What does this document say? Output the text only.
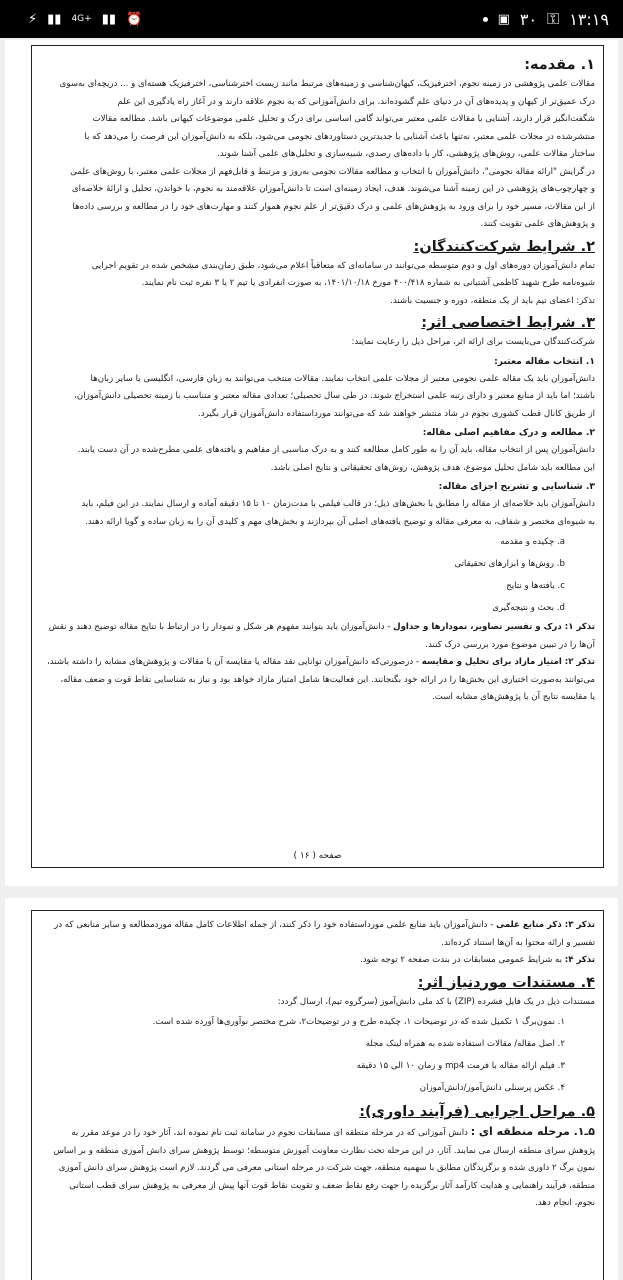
⚡ ▮▮ 4G+ ▮▮ ⏰	▣ ۳۰ ⚿ ۱۳:۱۹
۱. مقدمه:
مقالات علمی پژوهشی در زمینه نجوم، اخترفیزیک، کیهان‌شناسی و زمینه‌های مرتبط مانند زیست اخترشناسی، اخترفیزیک هسته‌ای و ... دریچه‌ای به‌سوی
درک عمیق‌تر از کیهان و پدیده‌های آن در دنیای علم گشوده‌اند. برای دانش‌آموزانی که به نجوم علاقه دارند و در آغاز راه یادگیری این علم
شگفت‌انگیز قرار دارند، آشنایی با مقالات علمی معتبر می‌تواند گامی اساسی برای درک و تحلیل علمی موضوعات کیهانی باشد. مطالعه مقالات
منتشرشده در مجلات علمی معتبر، نه‌تنها باعث آشنایی با جدیدترین دستاوردهای نجومی می‌شود، بلکه به دانش‌آموزان این فرصت را می‌دهد که با
ساختار مقالات علمی، روش‌های پژوهشی، کار با داده‌های رصدی، شبیه‌سازی و تحلیل‌های علمی آشنا شوند.
در گرایش "ارائه مقاله نجومی"، دانش‌آموزان با انتخاب و مطالعه مقالات نجومی به‌روز و مرتبط و قابل‌فهم از مجلات علمی معتبر، با روش‌های علمی
و چهارچوب‌های پژوهشی در این زمینه آشنا می‌شوند. هدف، ایجاد زمینه‌ای است تا دانش‌آموزان علاقه‌مند به نجوم، با خواندن، تحلیل و ارائهٔ خلاصه‌ای
از این مقالات، مسیر خود را برای ورود به پژوهش‌های علمی و درک دقیق‌تر از علم نجوم هموار کنند و مهارت‌های خود را در مطالعه و بررسی داده‌ها
و پژوهش‌های علمی تقویت کنند.
۲. شرایط شرکت‌کنندگان:
تمام دانش‌آموزان دوره‌های اول و دوم متوسطه می‌توانند در سامانه‌ای که متعاقباً اعلام می‌شود، طبق زمان‌بندی مشخص شده در تقویم اجرایی
شیوه‌نامه طرح شهید کاظمی آشتیانی به شماره ۴۰۰/۴۱۸ مورخ ۱۴۰۱/۱۰/۱۸، به صورت انفرادی یا تیم ۲ یا ۳ نفره ثبت نام نمایند.
تذکر: اعضای تیم باید از یک منطقه، دوره و جنسیت باشند.
۳. شرایط اختصاصی اثر:
شرکت‌کنندگان می‌بایست برای ارائه اثر، مراحل ذیل را رعایت نمایند:
۱. انتخاب مقاله معتبر:
دانش‌آموزان باید یک مقاله علمی نجومی معتبر از مجلات علمی انتخاب نمایند. مقالات منتخب می‌توانند به زبان فارسی، انگلیسی یا سایر زبان‌ها
باشند؛ اما باید از منابع معتبر و دارای رتبه علمی استخراج شوند. در طی سال تحصیلی؛ تعدادی مقاله معتبر و متناسب با زمینه تحصیلی دانش‌آموزان،
از طریق کانال قطب کشوری نجوم در شاد منتشر خواهند شد که می‌توانند مورداستفاده دانش‌آموزان قرار بگیرد.
۲. مطالعه و درک مفاهیم اصلی مقاله:
دانش‌آموزان پس از انتخاب مقاله، باید آن را به طور کامل مطالعه کنند و به درک مناسبی از مفاهیم و یافته‌های علمی مطرح‌شده در آن دست یابند.
این مطالعه باید شامل تحلیل موضوع، هدف پژوهش، روش‌های تحقیقاتی و نتایج اصلی باشد.
۳. شناسایی و تشریح اجزای مقاله:
دانش‌آموزان باید خلاصه‌ای از مقاله را مطابق با بخش‌های ذیل؛ در قالب فیلمی با مدت‌زمان ۱۰ تا ۱۵ دقیقه آماده و ارسال نمایند. در این فیلم، باید
به شیوه‌ای مختصر و شفاف، به معرفی مقاله و توضیح یافته‌های اصلی آن بپردازند و بخش‌های مهم و کلیدی آن را به زبان ساده و گویا ارائه دهند.
a. چکیده و مقدمه
b. روش‌ها و ابزارهای تحقیقاتی
c. یافته‌ها و نتایج
d. بحث و نتیجه‌گیری
تذکر ۱: درک و تفسیر تصاویر، نمودارها و جداول - دانش‌آموزان باید بتوانند مفهوم هر شکل و نمودار را در ارتباط با نتایج مقاله توضیح دهند و نقش
آن‌ها را در تبیین موضوع مورد بررسی درک کنند.
تذکر ۲: امتیاز مازاد برای تحلیل و مقایسه - درصورتی‌که دانش‌آموزان توانایی نقد مقاله یا مقایسه آن با مقالات و پژوهش‌های مشابه را داشته باشند،
می‌توانند به‌صورت اختیاری این بخش‌ها را در ارائه خود بگنجانند. این فعالیت‌ها شامل امتیاز مازاد خواهد بود و نیاز به شناسایی نقاط قوت و ضعف مقاله،
یا مقایسه نتایج آن با پژوهش‌های مشابه است.
صفحه ( ۱۶ )
تذکر ۳: ذکر منابع علمی - دانش‌آموزان باید منابع علمی مورداستفاده خود را ذکر کنند، از جمله اطلاعات کامل مقاله موردمطالعه و سایر منابعی که در
تفسیر و ارائه محتوا به آن‌ها استناد کرده‌اند.
تذکر ۴: به شرایط عمومی مسابقات در بندت صفحه ۲ توجه شود.
۴. مستندات موردنیاز اثر:
مستندات ذیل در یک فایل فشرده (ZIP) با کد ملی دانش‌آموز (سرگروه تیم)، ارسال گردد:
۱. نمون‌برگ ۱ تکمیل شده که در توضیحات ۱، چکیده طرح و در توضیحات۲، شرح مختصر نوآوری‌ها آورده شده است.
۲. اصل مقاله/ مقالات استفاده شده به همراه لینک مجله
۳. فیلم ارائه مقاله با فرمت mp4 و زمان ۱۰ الی ۱۵ دقیقه
۴. عکس پرسنلی دانش‌آموز/دانش‌آموزان
۵. مراحل اجرایی (فرآیند داوری):
۵ـ۱. مرحله منطقه ای : دانش آموزانی که در مرحله منطقه ای مسابقات نجوم در سامانه ثبت نام نموده اند، آثار خود را در موعد مقرر به
پژوهش سرای منطقه ارسال می نمایند. آثار، در این مرحله تحت نظارت معاونت آموزش متوسطه؛ توسط پژوهش سرای دانش آموزی منطقه و بر اساس
نمون برگ ۲ داوری شده و برگزیدگان مطابق با سهمیه منطقه، جهت شرکت در مرحله استانی معرفی می گردند. لازم است پژوهش سرای دانش آموزی
منطقه، فرآیند راهنمایی و هدایت کارآمد آثار برگزیده را جهت رفع نقاط ضعف و تقویت نقاط قوت آنها پیش از معرفی به پژوهش سرای قطب استانی
نجوم، انجام دهد.
